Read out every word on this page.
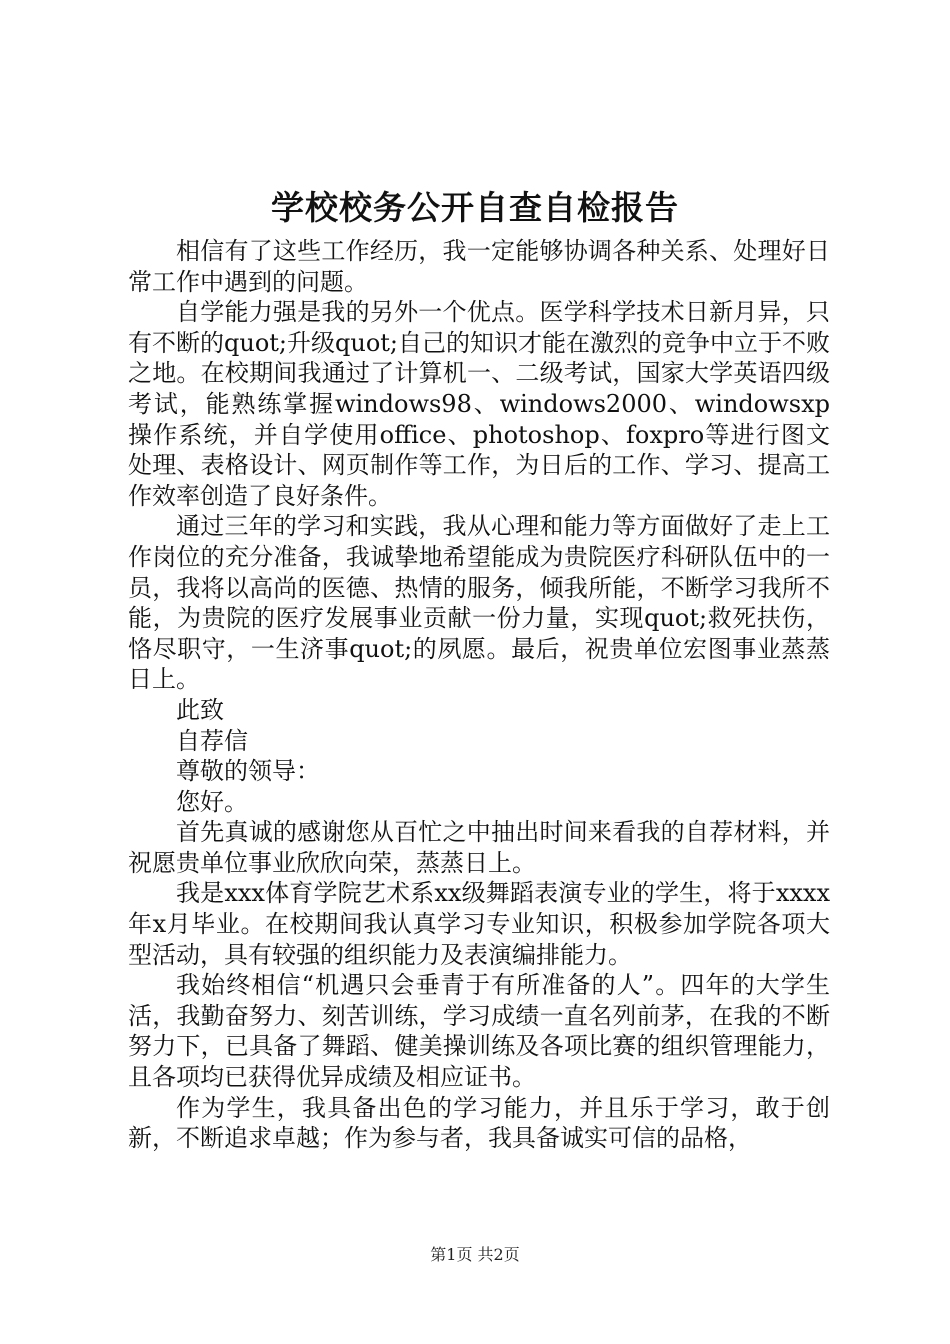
学校校务公开自查自检报告

相信有了这些工作经历，我一定能够协调各种关系、处理好日常工作中遇到的问题。

自学能力强是我的另外一个优点。医学科学技术日新月异，只有不断的quot;升级quot;自己的知识才能在激烈的竞争中立于不败之地。在校期间我通过了计算机一、二级考试，国家大学英语四级考试，能熟练掌握windows98、windows2000、windowsxp操作系统，并自学使用office、photoshop、foxpro等进行图文处理、表格设计、网页制作等工作，为日后的工作、学习、提高工作效率创造了良好条件。

通过三年的学习和实践，我从心理和能力等方面做好了走上工作岗位的充分准备，我诚挚地希望能成为贵院医疗科研队伍中的一员，我将以高尚的医德、热情的服务，倾我所能，不断学习我所不能，为贵院的医疗发展事业贡献一份力量，实现quot;救死扶伤，恪尽职守，一生济事quot;的夙愿。最后，祝贵单位宏图事业蒸蒸日上。

此致

自荐信

尊敬的领导：

您好。

首先真诚的感谢您从百忙之中抽出时间来看我的自荐材料，并祝愿贵单位事业欣欣向荣，蒸蒸日上。

我是xxx体育学院艺术系xx级舞蹈表演专业的学生，将于xxxx年x月毕业。在校期间我认真学习专业知识，积极参加学院各项大型活动，具有较强的组织能力及表演编排能力。

我始终相信“机遇只会垂青于有所准备的人”。四年的大学生活，我勤奋努力、刻苦训练，学习成绩一直名列前茅，在我的不断努力下，已具备了舞蹈、健美操训练及各项比赛的组织管理能力，且各项均已获得优异成绩及相应证书。

作为学生，我具备出色的学习能力，并且乐于学习，敢于创新，不断追求卓越；作为参与者，我具备诚实可信的品格，

第1页 共2页
